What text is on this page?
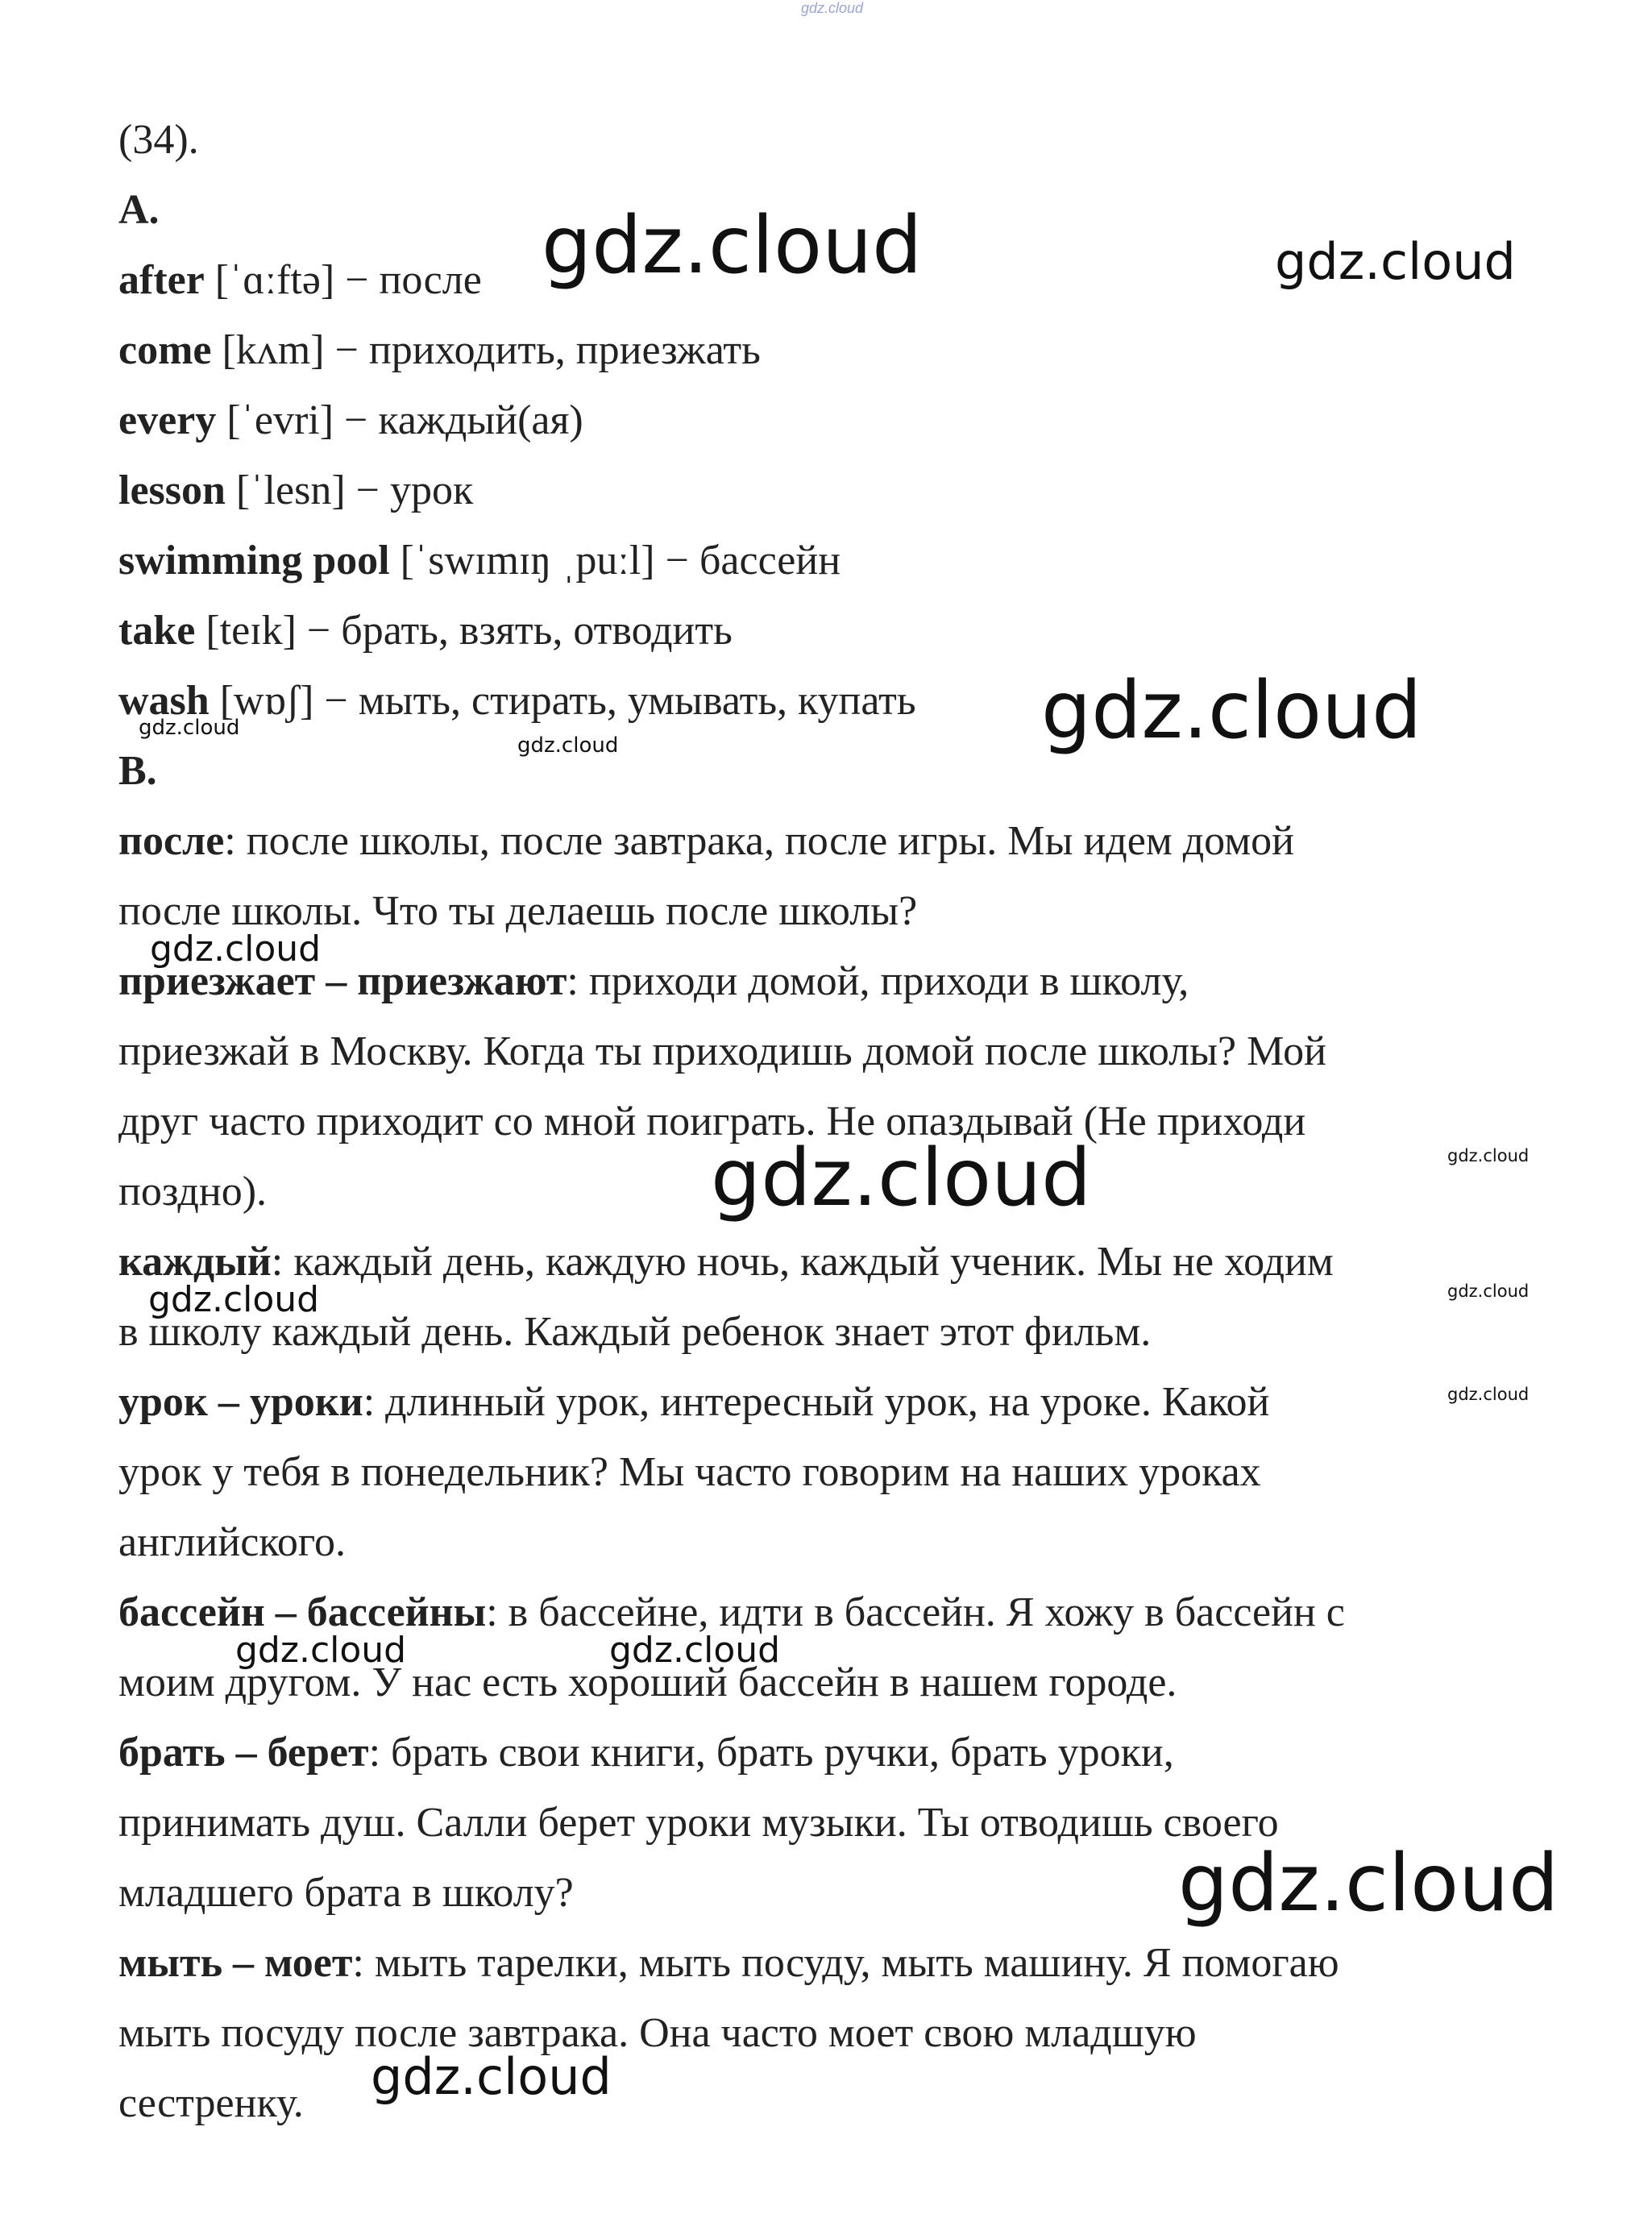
gdz.cloud
(34).
A.
after [ˈɑːftə] − после
come [kʌm] − приходить, приезжать
every [ˈevri] − каждый(ая)
lesson [ˈlesn] − урок
swimming pool [ˈswɪmɪŋ ˌpuːl] − бассейн
take [teɪk] − брать, взять, отводить
wash [wɒʃ] − мыть, стирать, умывать, купать
B.
после: после школы, после завтрака, после игры. Мы идем домой
после школы. Что ты делаешь после школы?
приезжает – приезжают: приходи домой, приходи в школу,
приезжай в Москву. Когда ты приходишь домой после школы? Мой
друг часто приходит со мной поиграть. Не опаздывай (Не приходи
поздно).
каждый: каждый день, каждую ночь, каждый ученик. Мы не ходим
в школу каждый день. Каждый ребенок знает этот фильм.
урок – уроки: длинный урок, интересный урок, на уроке. Какой
урок у тебя в понедельник? Мы часто говорим на наших уроках
английского.
бассейн – бассейны: в бассейне, идти в бассейн. Я хожу в бассейн с
моим другом. У нас есть хороший бассейн в нашем городе.
брать – берет: брать свои книги, брать ручки, брать уроки,
принимать душ. Салли берет уроки музыки. Ты отводишь своего
младшего брата в школу?
мыть – моет: мыть тарелки, мыть посуду, мыть машину. Я помогаю
мыть посуду после завтрака. Она часто моет свою младшую
сестренку.
gdz.cloud	gdz.cloud
gdz.cloud
gdz.cloud
gdz.cloud
gdz.cloud
gdz.cloud	gdz.cloud
gdz.cloud	gdz.cloud
gdz.cloud
gdz.cloud	gdz.cloud
gdz.cloud
gdz.cloud
